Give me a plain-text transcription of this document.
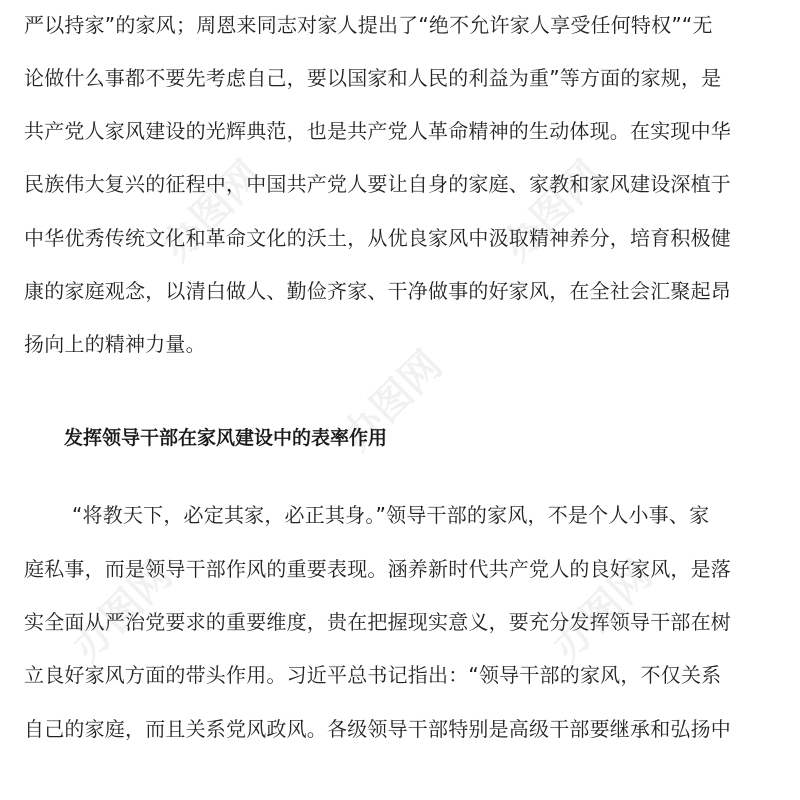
办图网	办图网
办图网
办图网	办图网
严以持家”的家风；周恩来同志对家人提出了“绝不允许家人享受任何特权”“无
论做什么事都不要先考虑自己，要以国家和人民的利益为重”等方面的家规，是
共产党人家风建设的光辉典范，也是共产党人革命精神的生动体现。在实现中华
民族伟大复兴的征程中，中国共产党人要让自身的家庭、家教和家风建设深植于
中华优秀传统文化和革命文化的沃土，从优良家风中汲取精神养分，培育积极健
康的家庭观念，以清白做人、勤俭齐家、干净做事的好家风，在全社会汇聚起昂
扬向上的精神力量。
发挥领导干部在家风建设中的表率作用
“将教天下，必定其家，必正其身。”领导干部的家风，不是个人小事、家
庭私事，而是领导干部作风的重要表现。涵养新时代共产党人的良好家风，是落
实全面从严治党要求的重要维度，贵在把握现实意义，要充分发挥领导干部在树
立良好家风方面的带头作用。习近平总书记指出：“领导干部的家风，不仅关系
自己的家庭，而且关系党风政风。各级领导干部特别是高级干部要继承和弘扬中
